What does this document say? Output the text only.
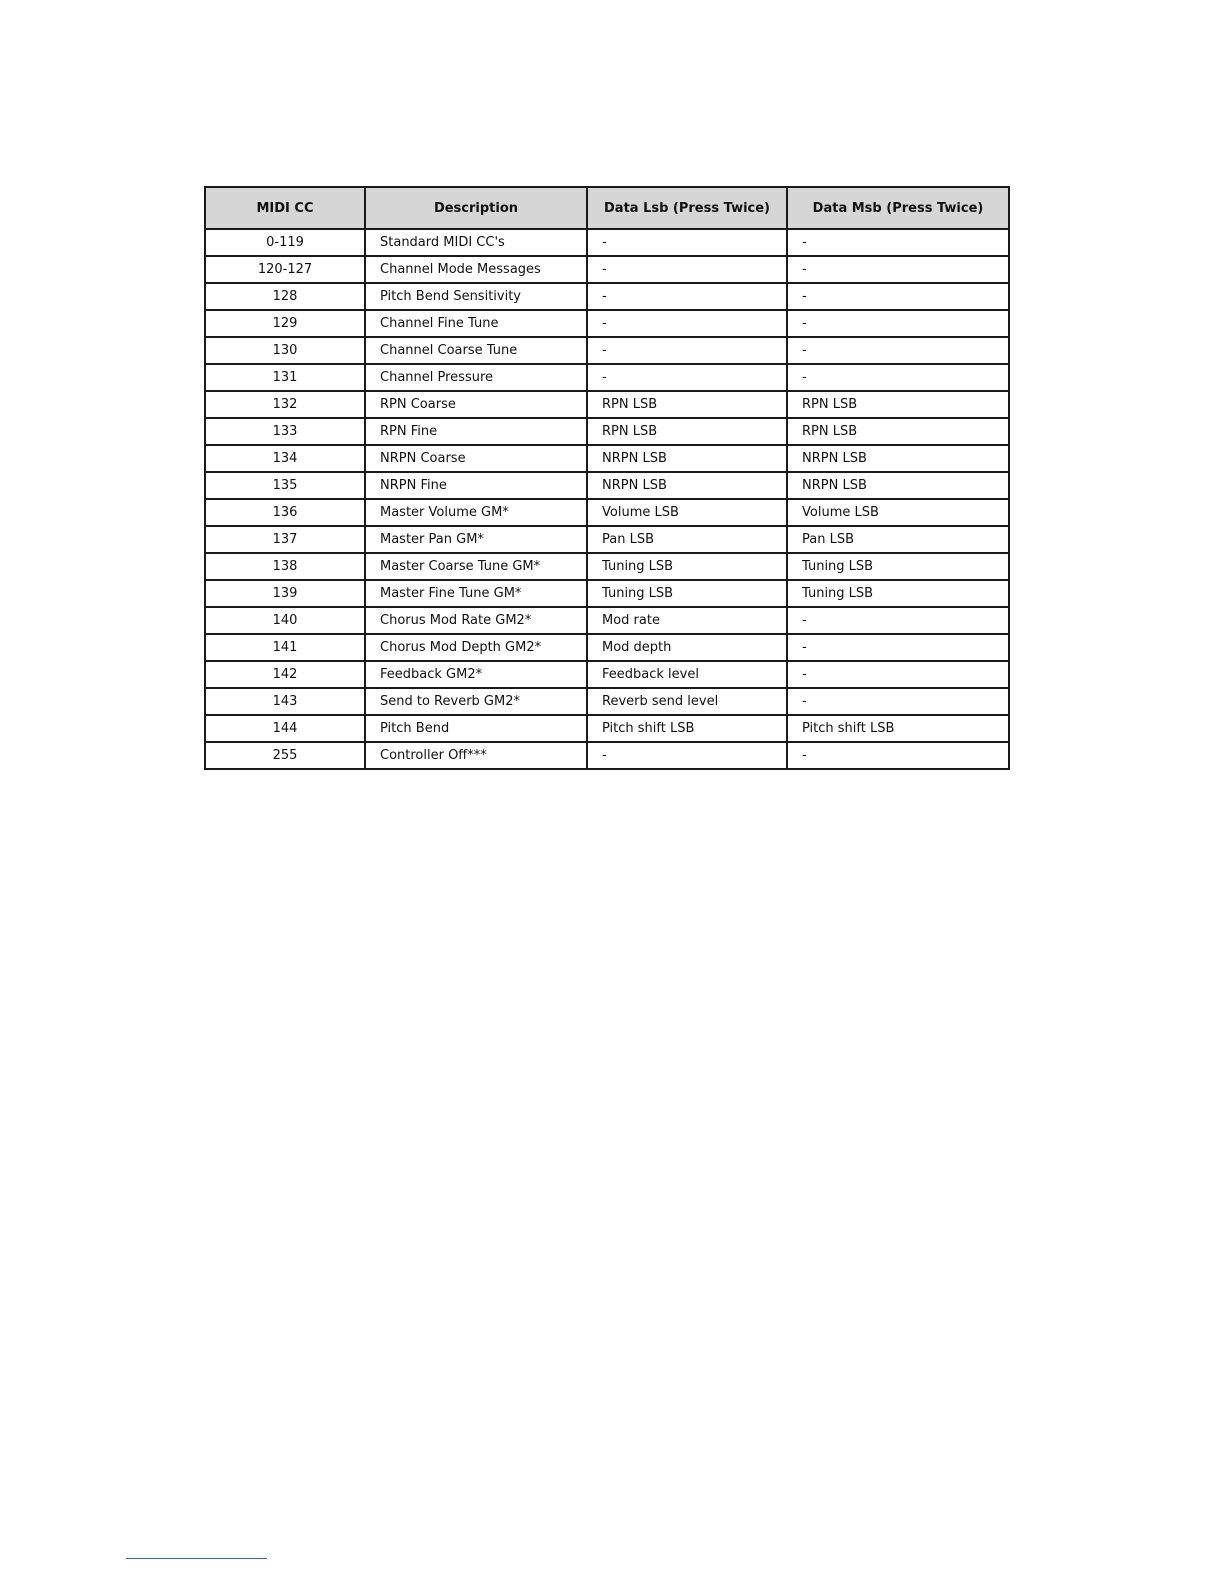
MIDI CC	Description	Data Lsb (Press Twice)	Data Msb (Press Twice)
0-119	Standard MIDI CC's	-	-
120-127	Channel Mode Messages	-	-
128	Pitch Bend Sensitivity	-	-
129	Channel Fine Tune	-	-
130	Channel Coarse Tune	-	-
131	Channel Pressure	-	-
132	RPN Coarse	RPN LSB	RPN LSB
133	RPN Fine	RPN LSB	RPN LSB
134	NRPN Coarse	NRPN LSB	NRPN LSB
135	NRPN Fine	NRPN LSB	NRPN LSB
136	Master Volume GM*	Volume LSB	Volume LSB
137	Master Pan GM*	Pan LSB	Pan LSB
138	Master Coarse Tune GM*	Tuning LSB	Tuning LSB
139	Master Fine Tune GM*	Tuning LSB	Tuning LSB
140	Chorus Mod Rate GM2*	Mod rate	-
141	Chorus Mod Depth GM2*	Mod depth	-
142	Feedback GM2*	Feedback level	-
143	Send to Reverb GM2*	Reverb send level	-
144	Pitch Bend	Pitch shift LSB	Pitch shift LSB
255	Controller Off***	-	-
